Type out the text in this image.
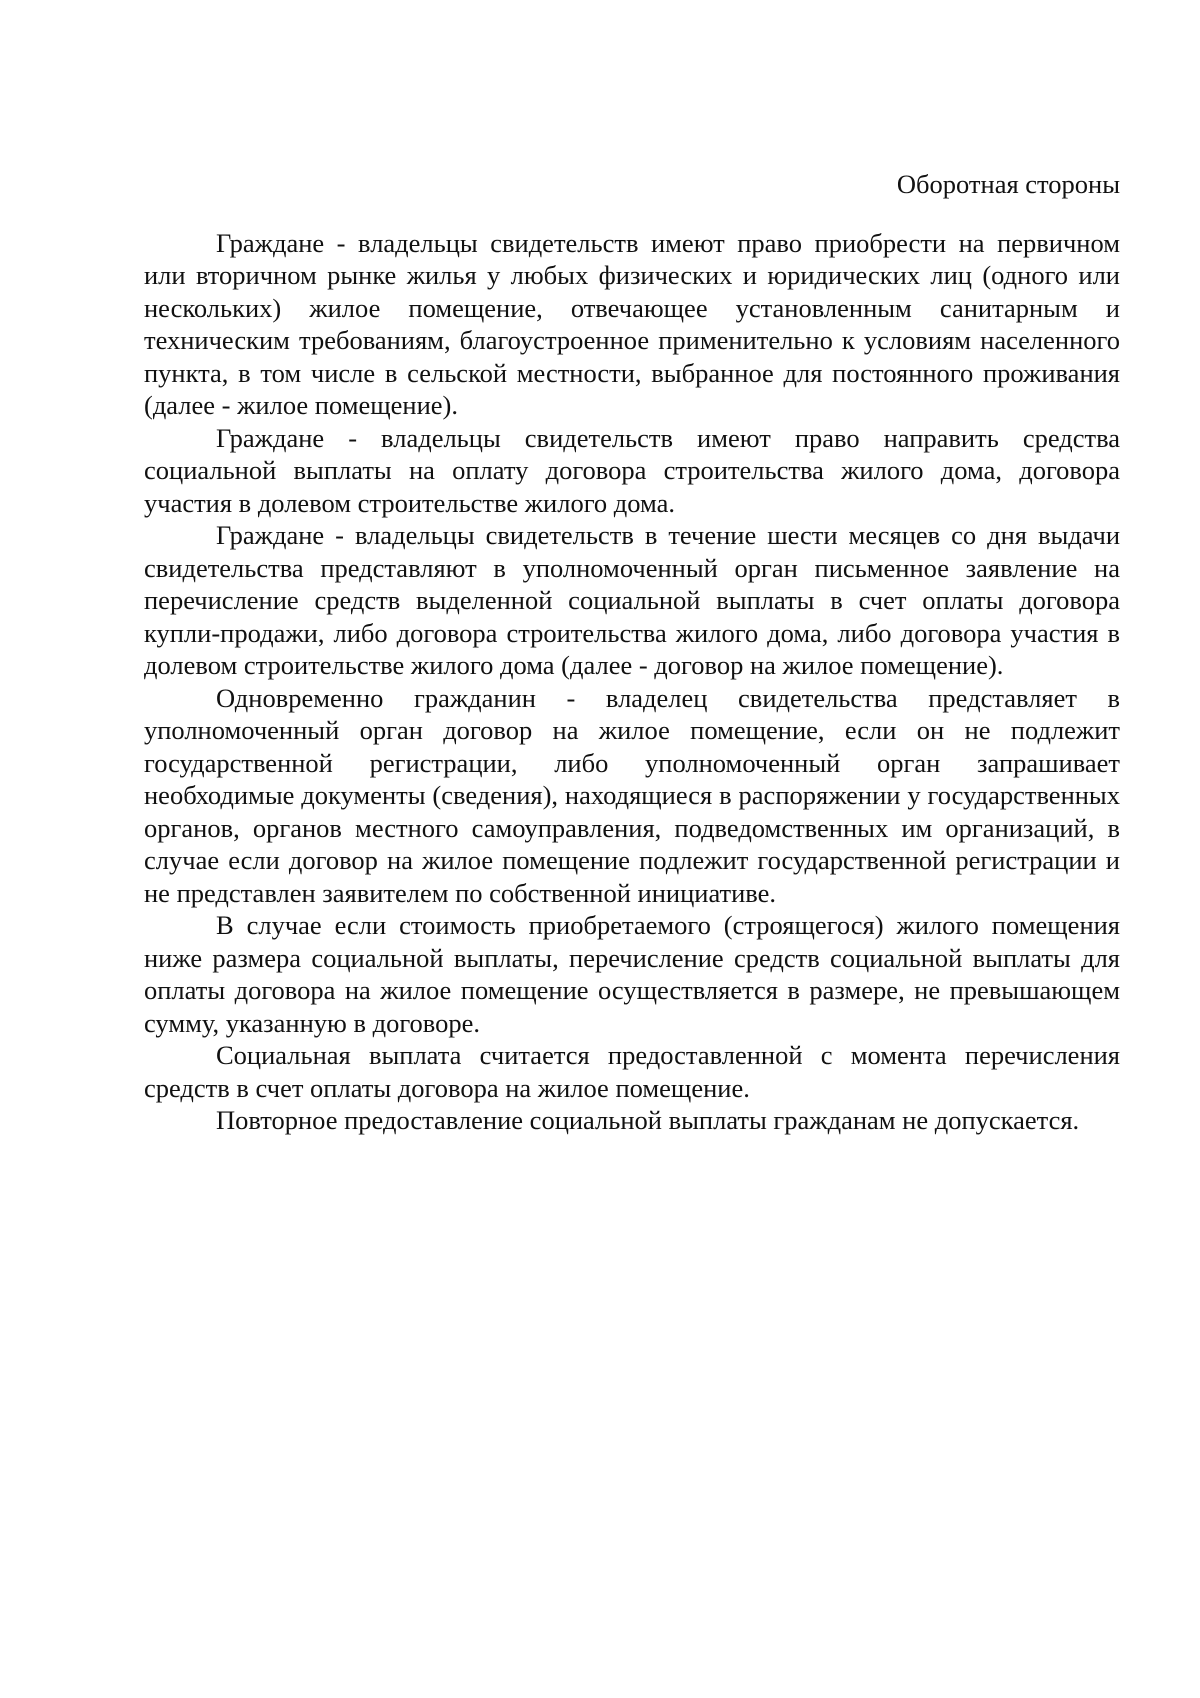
Оборотная стороны

Граждане - владельцы свидетельств имеют право приобрести на первичном или вторичном рынке жилья у любых физических и юридических лиц (одного или нескольких) жилое помещение, отвечающее установленным санитарным и техническим требованиям, благоустроенное применительно к условиям населенного пункта, в том числе в сельской местности, выбранное для постоянного проживания (далее - жилое помещение).

Граждане - владельцы свидетельств имеют право направить средства социальной выплаты на оплату договора строительства жилого дома, договора участия в долевом строительстве жилого дома.

Граждане - владельцы свидетельств в течение шести месяцев со дня выдачи свидетельства представляют в уполномоченный орган письменное заявление на перечисление средств выделенной социальной выплаты в счет оплаты договора купли-продажи, либо договора строительства жилого дома, либо договора участия в долевом строительстве жилого дома (далее - договор на жилое помещение).

Одновременно гражданин - владелец свидетельства представляет в уполномоченный орган договор на жилое помещение, если он не подлежит государственной регистрации, либо уполномоченный орган запрашивает необходимые документы (сведения), находящиеся в распоряжении у государственных органов, органов местного самоуправления, подведомственных им организаций, в случае если договор на жилое помещение подлежит государственной регистрации и не представлен заявителем по собственной инициативе.

В случае если стоимость приобретаемого (строящегося) жилого помещения ниже размера социальной выплаты, перечисление средств социальной выплаты для оплаты договора на жилое помещение осуществляется в размере, не превышающем сумму, указанную в договоре.

Социальная выплата считается предоставленной с момента перечисления средств в счет оплаты договора на жилое помещение.

Повторное предоставление социальной выплаты гражданам не допускается.
